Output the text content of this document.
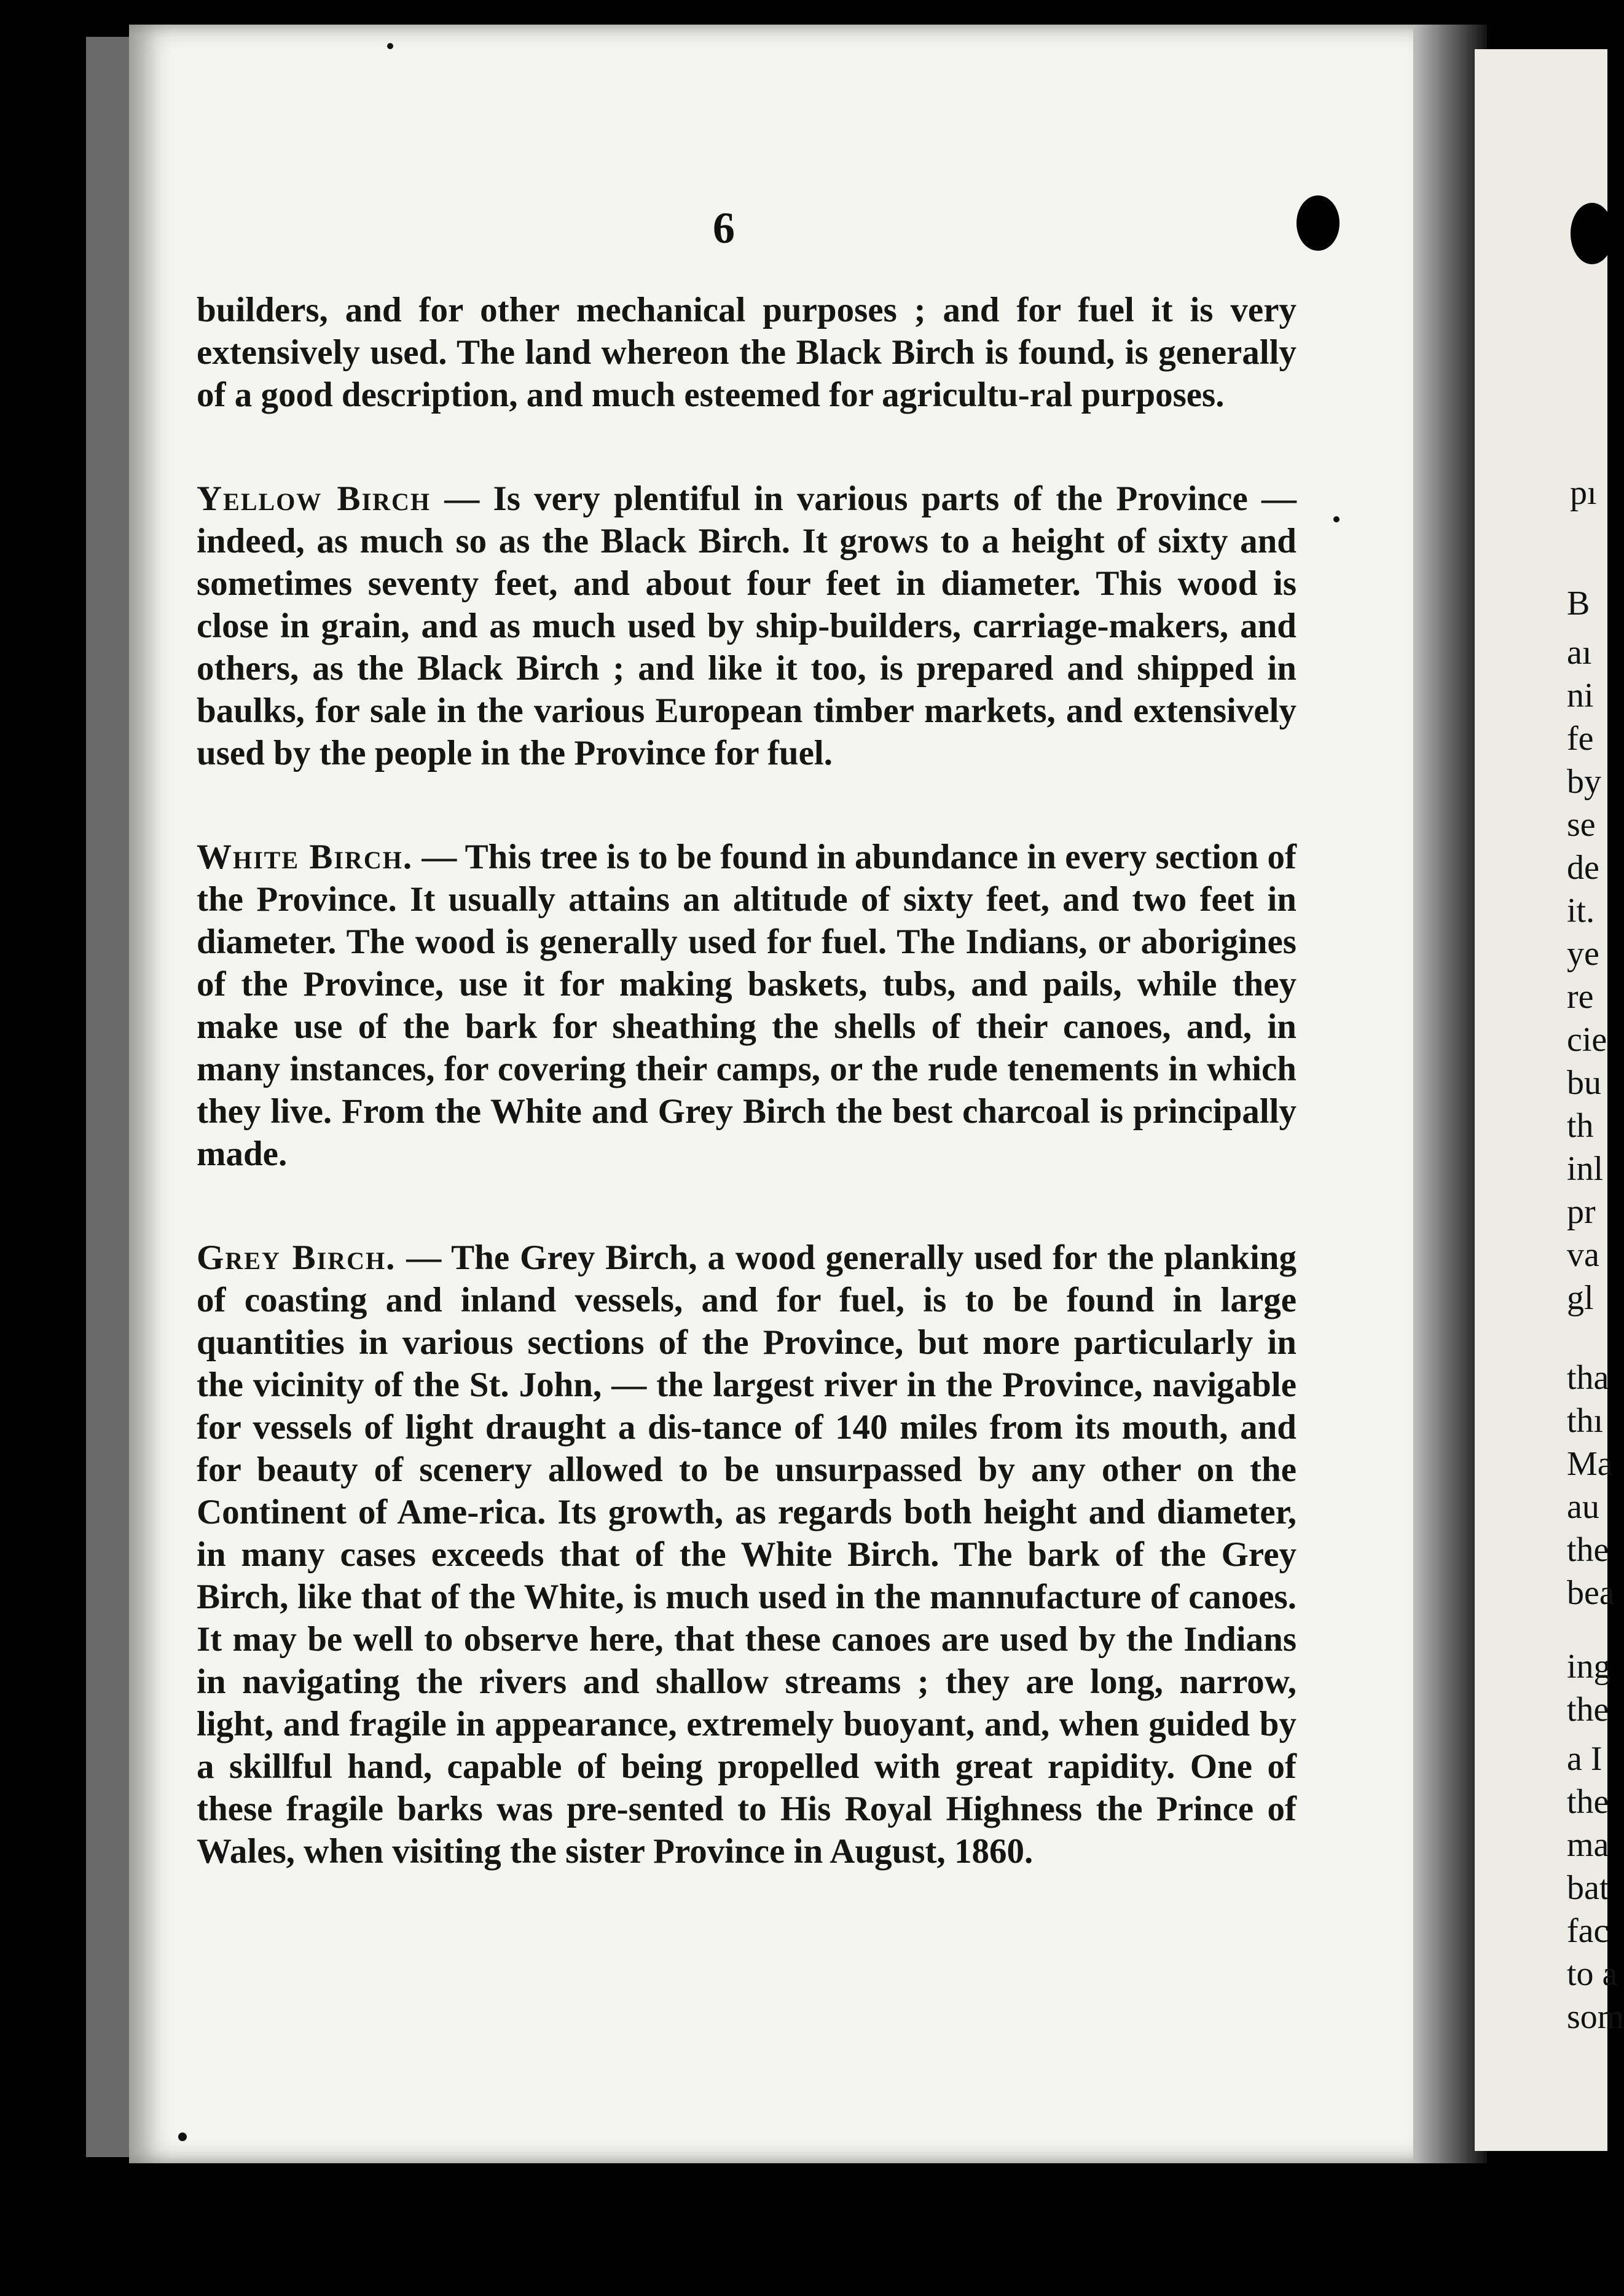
pı
B
aı
ni
fe
by
se
de
it.
ye
re
cie
bu
th
inl
pr
va
gl
tha
thı
Ma
au
the
bea
ing
the
a I
the
ma
bat
fac
to a
som
6

builders, and for other mechanical purposes ; and for fuel it is very extensively used. The land whereon the Black Birch is found, is generally of a good description, and much esteemed for agricultu-ral purposes.

Yellow Birch — Is very plentiful in various parts of the Province — indeed, as much so as the Black Birch. It grows to a height of sixty and sometimes seventy feet, and about four feet in diameter. This wood is close in grain, and as much used by ship-builders, carriage-makers, and others, as the Black Birch ; and like it too, is prepared and shipped in baulks, for sale in the various European timber markets, and extensively used by the people in the Province for fuel.

White Birch. — This tree is to be found in abundance in every section of the Province. It usually attains an altitude of sixty feet, and two feet in diameter. The wood is generally used for fuel. The Indians, or aborigines of the Province, use it for making baskets, tubs, and pails, while they make use of the bark for sheathing the shells of their canoes, and, in many instances, for covering their camps, or the rude tenements in which they live. From the White and Grey Birch the best charcoal is principally made.

Grey Birch. — The Grey Birch, a wood generally used for the planking of coasting and inland vessels, and for fuel, is to be found in large quantities in various sections of the Province, but more particularly in the vicinity of the St. John, — the largest river in the Province, navigable for vessels of light draught a dis-tance of 140 miles from its mouth, and for beauty of scenery allowed to be unsurpassed by any other on the Continent of Ame-rica. Its growth, as regards both height and diameter, in many cases exceeds that of the White Birch. The bark of the Grey Birch, like that of the White, is much used in the mannufacture of canoes. It may be well to observe here, that these canoes are used by the Indians in navigating the rivers and shallow streams ; they are long, narrow, light, and fragile in appearance, extremely buoyant, and, when guided by a skillful hand, capable of being propelled with great rapidity. One of these fragile barks was pre-sented to His Royal Highness the Prince of Wales, when visiting the sister Province in August, 1860.
